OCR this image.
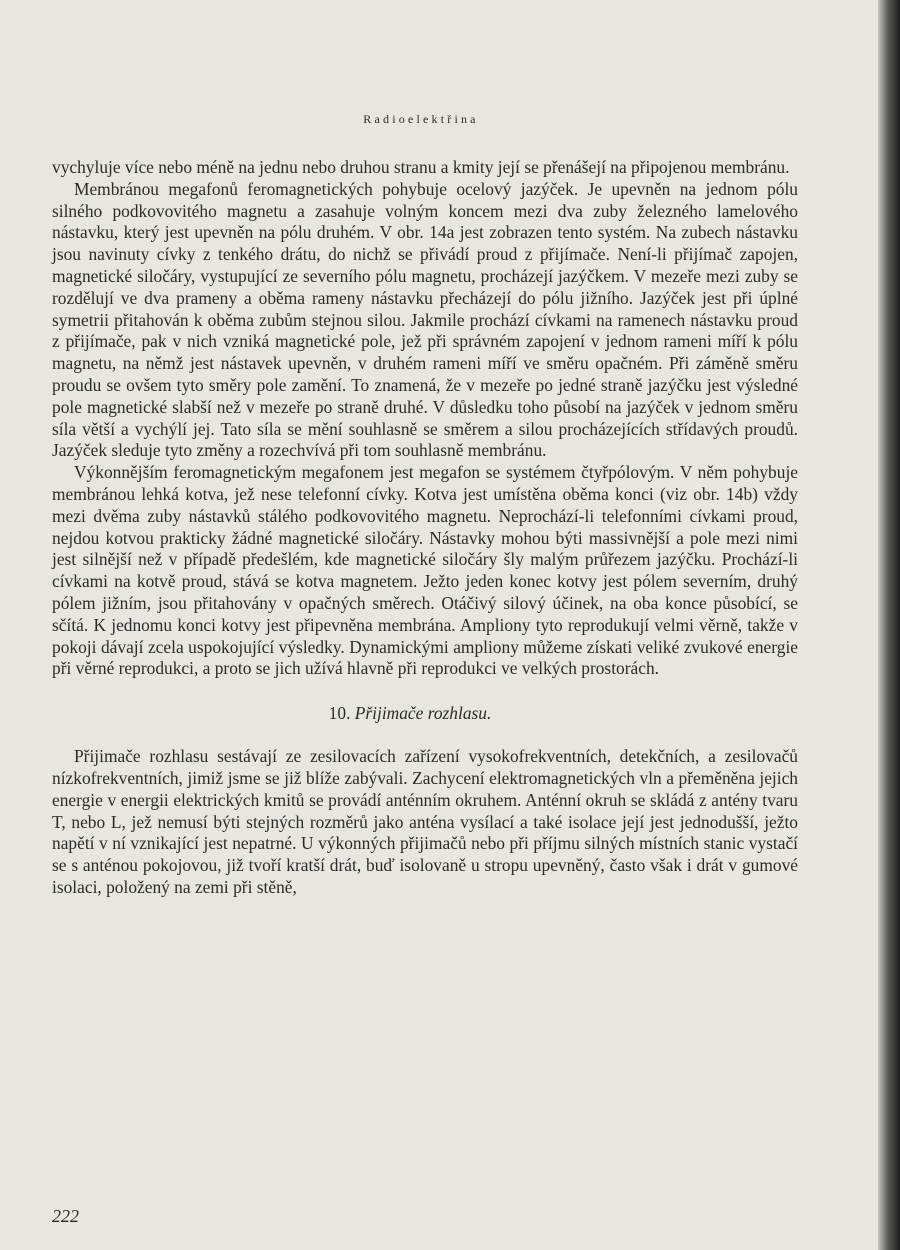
Radioelektřina

vychyluje více nebo méně na jednu nebo druhou stranu a kmity její se přenášejí na připojenou membránu.

Membránou megafonů feromagnetických pohybuje ocelový jazýček. Je upevněn na jednom pólu silného podkovovitého magnetu a zasahuje volným koncem mezi dva zuby železného lamelového nástavku, který jest upevněn na pólu druhém. V obr. 14a jest zobrazen tento systém. Na zubech nástavku jsou navinuty cívky z tenkého drátu, do nichž se přivádí proud z přijímače. Není-li přijímač zapojen, magnetické siločáry, vystupující ze severního pólu magnetu, procházejí jazýčkem. V mezeře mezi zuby se rozdělují ve dva prameny a oběma rameny nástavku přecházejí do pólu jižního. Jazýček jest při úplné symetrii přitahován k oběma zubům stejnou silou. Jakmile prochází cívkami na ramenech nástavku proud z přijímače, pak v nich vzniká magnetické pole, jež při správném zapojení v jednom rameni míří k pólu magnetu, na němž jest nástavek upevněn, v druhém rameni míří ve směru opačném. Při záměně směru proudu se ovšem tyto směry pole zamění. To znamená, že v mezeře po jedné straně jazýčku jest výsledné pole magnetické slabší než v mezeře po straně druhé. V důsledku toho působí na jazýček v jednom směru síla větší a vychýlí jej. Tato síla se mění souhlasně se směrem a silou procházejících střídavých proudů. Jazýček sleduje tyto změny a rozechvívá při tom souhlasně membránu.

Výkonnějším feromagnetickým megafonem jest megafon se systémem čtyřpólovým. V něm pohybuje membránou lehká kotva, jež nese telefonní cívky. Kotva jest umístěna oběma konci (viz obr. 14b) vždy mezi dvěma zuby nástavků stálého podkovovitého magnetu. Neprochází-li telefonními cívkami proud, nejdou kotvou prakticky žádné magnetické siločáry. Nástavky mohou býti massivnější a pole mezi nimi jest silnější než v případě předešlém, kde magnetické siločáry šly malým průřezem jazýčku. Prochází-li cívkami na kotvě proud, stává se kotva magnetem. Ježto jeden konec kotvy jest pólem severním, druhý pólem jižním, jsou přitahovány v opačných směrech. Otáčivý silový účinek, na oba konce působící, se sčítá. K jednomu konci kotvy jest připevněna membrána. Ampliony tyto reprodukují velmi věrně, takže v pokoji dávají zcela uspokojující výsledky. Dynamickými ampliony můžeme získati veliké zvukové energie při věrné reprodukci, a proto se jich užívá hlavně při reprodukci ve velkých prostorách.

10. Přijimače rozhlasu.

Přijimače rozhlasu sestávají ze zesilovacích zařízení vysokofrekventních, detekčních, a zesilovačů nízkofrekventních, jimiž jsme se již blíže zabývali. Zachycení elektromagnetických vln a přeměněna jejich energie v energii elektrických kmitů se provádí anténním okruhem. Anténní okruh se skládá z antény tvaru T, nebo L, jež nemusí býti stejných rozměrů jako anténa vysílací a také isolace její jest jednodušší, ježto napětí v ní vznikající jest nepatrné. U výkonných přijimačů nebo při příjmu silných místních stanic vystačí se s anténou pokojovou, již tvoří kratší drát, buď isolovaně u stropu upevněný, často však i drát v gumové isolaci, položený na zemi při stěně,

222
